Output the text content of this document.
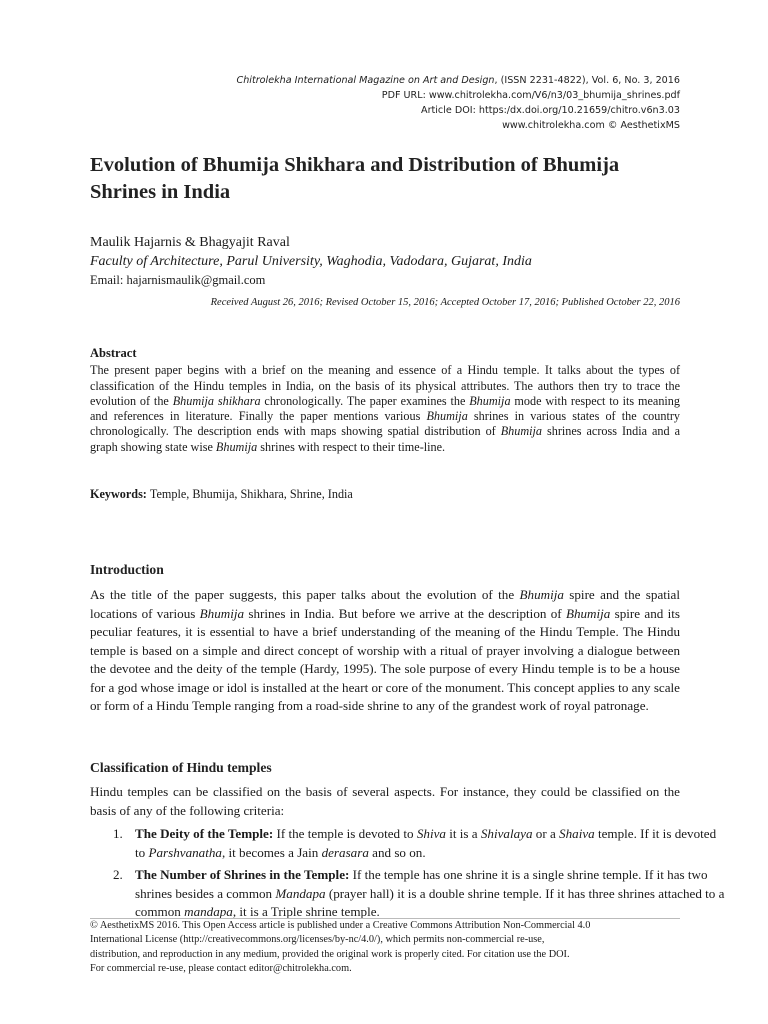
Chitrolekha International Magazine on Art and Design, (ISSN 2231-4822), Vol. 6, No. 3, 2016
PDF URL: www.chitrolekha.com/V6/n3/03_bhumija_shrines.pdf
Article DOI: https:/dx.doi.org/10.21659/chitro.v6n3.03
www.chitrolekha.com © AesthetixMS
Evolution of Bhumija Shikhara and Distribution of Bhumija Shrines in India
Maulik Hajarnis & Bhagyajit Raval
Faculty of Architecture, Parul University, Waghodia, Vadodara, Gujarat, India
Email: hajarnismaulik@gmail.com
Received August 26, 2016; Revised October 15, 2016; Accepted October 17, 2016; Published October 22, 2016
Abstract
The present paper begins with a brief on the meaning and essence of a Hindu temple. It talks about the types of classification of the Hindu temples in India, on the basis of its physical attributes. The authors then try to trace the evolution of the Bhumija shikhara chronologically. The paper examines the Bhumija mode with respect to its meaning and references in literature. Finally the paper mentions various Bhumija shrines in various states of the country chronologically. The description ends with maps showing spatial distribution of Bhumija shrines across India and a graph showing state wise Bhumija shrines with respect to their time-line.
Keywords: Temple, Bhumija, Shikhara, Shrine, India
Introduction
As the title of the paper suggests, this paper talks about the evolution of the Bhumija spire and the spatial locations of various Bhumija shrines in India. But before we arrive at the description of Bhumija spire and its peculiar features, it is essential to have a brief understanding of the meaning of the Hindu Temple. The Hindu temple is based on a simple and direct concept of worship with a ritual of prayer involving a dialogue between the devotee and the deity of the temple (Hardy, 1995). The sole purpose of every Hindu temple is to be a house for a god whose image or idol is installed at the heart or core of the monument. This concept applies to any scale or form of a Hindu Temple ranging from a road-side shrine to any of the grandest work of royal patronage.
Classification of Hindu temples
Hindu temples can be classified on the basis of several aspects. For instance, they could be classified on the basis of any of the following criteria:
1. The Deity of the Temple: If the temple is devoted to Shiva it is a Shivalaya or a Shaiva temple. If it is devoted to Parshvanatha, it becomes a Jain derasara and so on.
2. The Number of Shrines in the Temple: If the temple has one shrine it is a single shrine temple. If it has two shrines besides a common Mandapa (prayer hall) it is a double shrine temple. If it has three shrines attached to a common mandapa, it is a Triple shrine temple.
© AesthetixMS 2016. This Open Access article is published under a Creative Commons Attribution Non-Commercial 4.0
International License (http://creativecommons.org/licenses/by-nc/4.0/), which permits non-commercial re-use,
distribution, and reproduction in any medium, provided the original work is properly cited. For citation use the DOI.
For commercial re-use, please contact editor@chitrolekha.com.
